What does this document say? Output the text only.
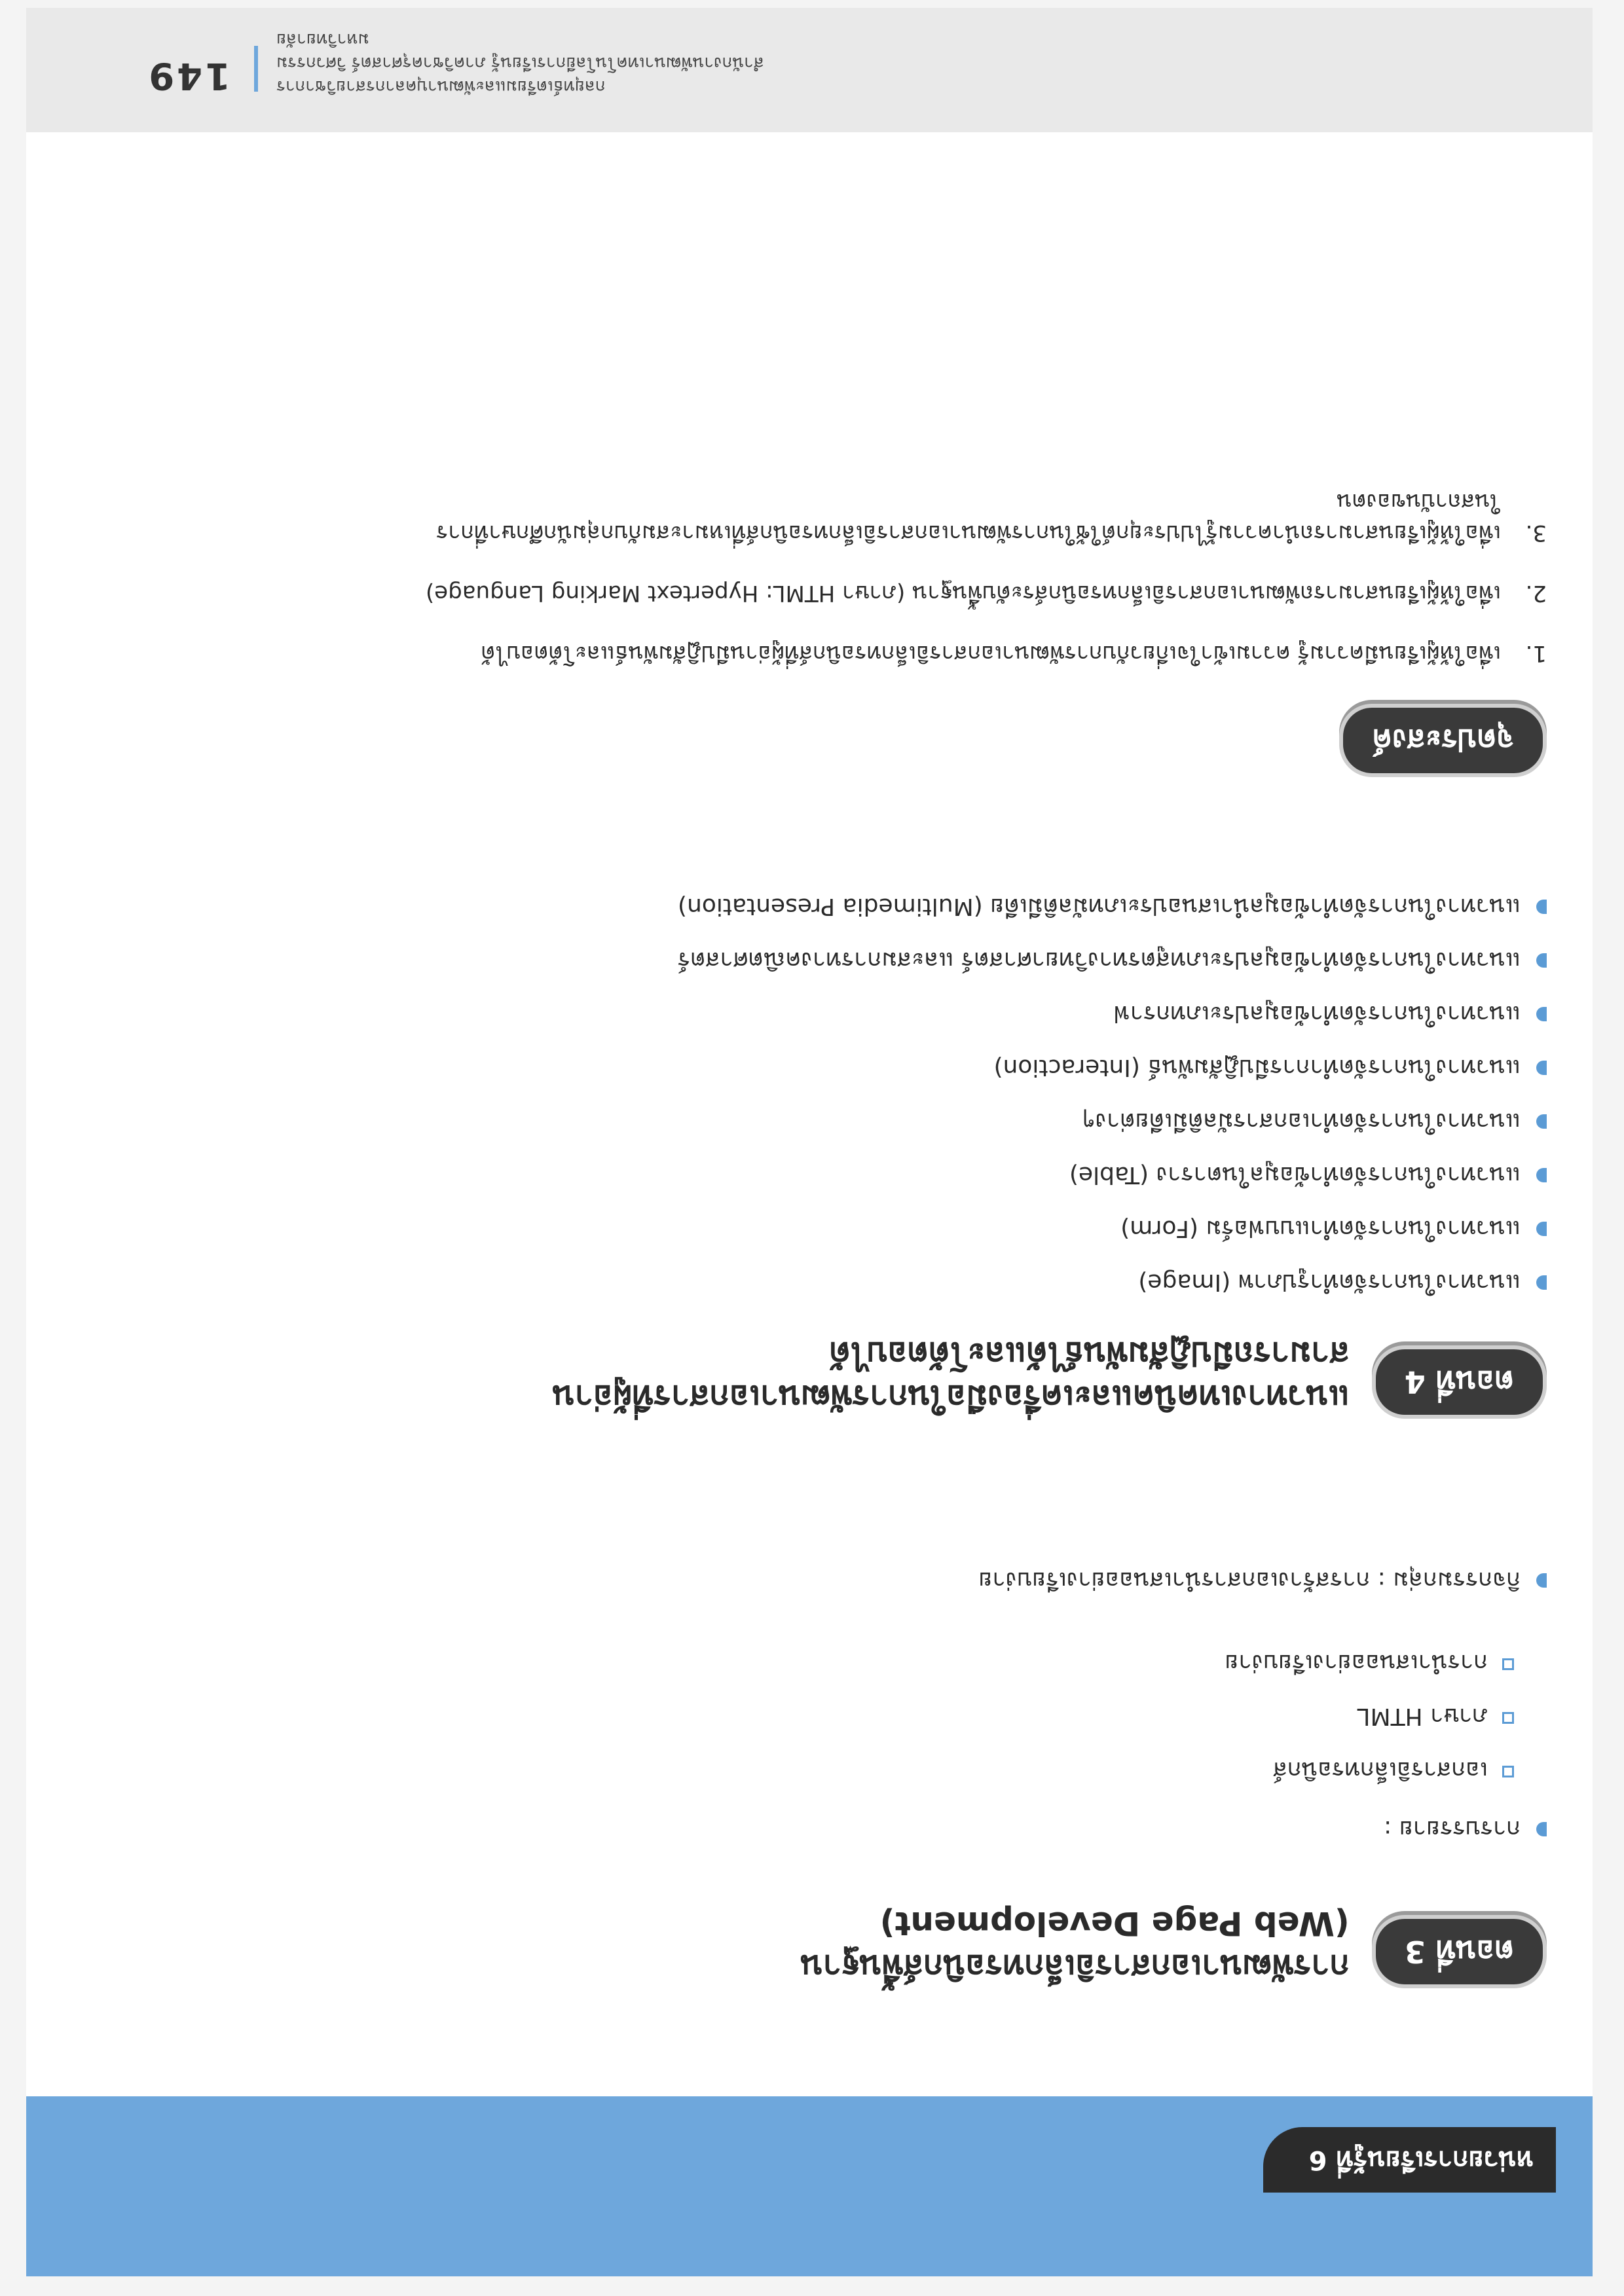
หน่วยการเรียนรู้ที่ 6
ตอนที่ 3
การพัฒนาเอกสารอิเล็กทรอนิกส์พื้นฐาน
(Web Page Development)
การบรรยาย :
เอกสารอิเล็กทรอนิกส์
ภาษา HTML
การนำเสนออย่างเรียบง่าย
กิจกรรมกลุ่ม : การสร้างเอกสารนำเสนออย่างเรียบง่าย
ตอนที่ 4
แนวทางเทคนิคและเครื่องมือในการพัฒนาเอกสารที่ผู้อ่าน
สามารถมีปฏิสัมพันธ์ได้และโต้ตอบได้
แนวทางในการจัดทำรูปภาพ (Image)
แนวทางในการจัดทำแบบฟอร์ม (Form)
แนวทางในการจัดทำข้อมูลในตาราง (Table)
แนวทางในการจัดทำเอกสารมัลติมีเดียต่างๆ
แนวทางในการจัดทำการมีปฏิสัมพันธ์ (Interaction)
แนวทางในการจัดทำข้อมูลประเภทกราฟ
แนวทางในการจัดทำข้อมูลประเภทสูตรทางวิทยาศาสตร์ และสมการทางคณิตศาสตร์
แนวทางในการจัดทำข้อมูลนำเสนอประเภทมัลติมีเดีย (Multimedia Presentation)
จุดประสงค์
1.
เพื่อให้ผู้เรียนมีความรู้ ความเข้าใจเกี่ยวกับการพัฒนาเอกสารอิเล็กทรอนิกส์ที่ผู้อ่านมีปฏิสัมพันธ์และโต้ตอบได้
2.
เพื่อให้ผู้เรียนสามารถพัฒนาเอกสารอิเล็กทรอนิกส์ระดับพื้นฐาน (ภาษา HTML: Hypertext Marking Language)
3.
เพื่อให้ผู้เรียนสามารถนำความรู้ไปประยุกต์ใช้ในการพัฒนาเอกสารอิเล็กทรอนิกส์ที่เหมาะสมกับกลุ่มนักศึกษาที่การ
ในสถาบันของตน
กลยุทธ์เตรียมและพัฒนาบุคลากรสายวิชาการ
สำนักงานพัฒนาเทคโนโลยีการเรียนรู้ ภาควิชาครุศาสตร์ วิศวกรรม มหาวิทยาลัย
149
